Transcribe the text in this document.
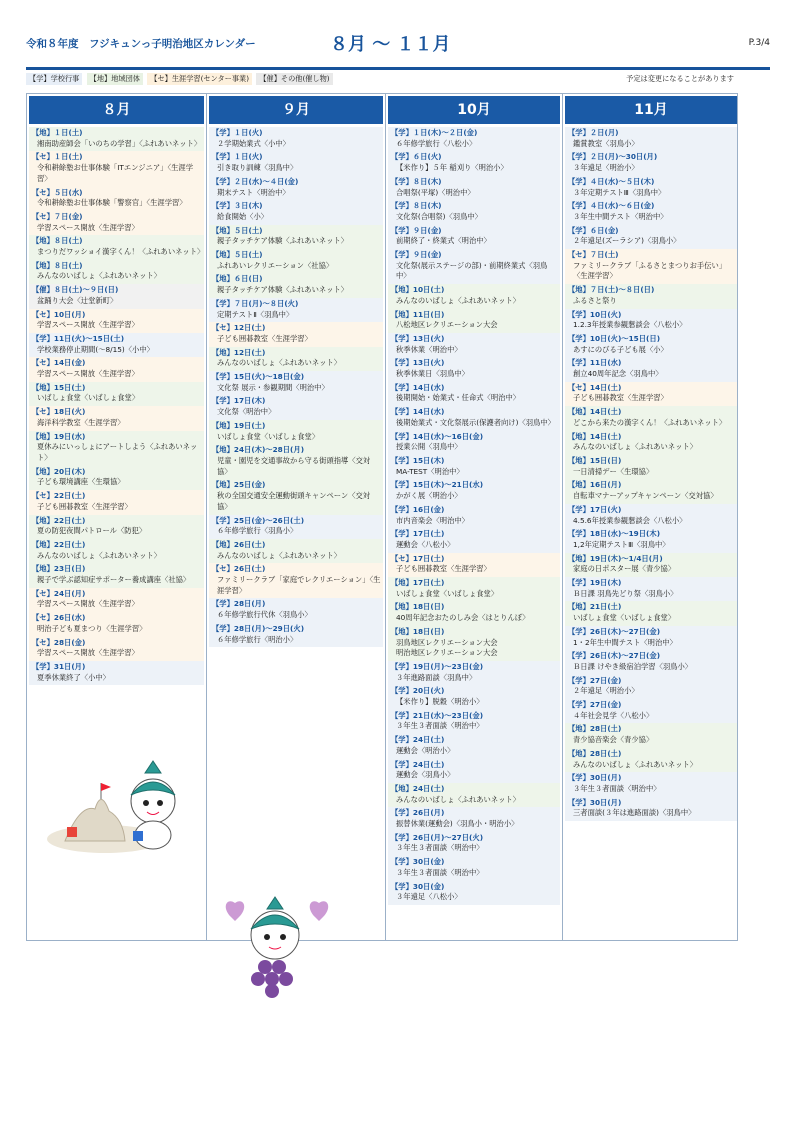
令和８年度　フジキュンっ子明治地区カレンダー	８月 〜 １１月	P.3/4
【学】学校行事 【地】地域団体 【セ】生涯学習(センター事業) 【催】その他(催し物)	予定は変更になることがあります
８月
【地】１日(土)
湘南助産師会「いのちの学習」〈ふれあいネット〉
【セ】１日(土)
令和耕餘塾お仕事体験「ITエンジニア」〈生涯学習〉
【セ】５日(水)
令和耕餘塾お仕事体験「警察官」〈生涯学習〉
【セ】７日(金)
学習スペース開放〈生涯学習〉
【地】８日(土)
まつりだワッショイ漢字くん！〈ふれあいネット〉
【地】８日(土)
みんなのいばしょ〈ふれあいネット〉
【催】８日(土)～９日(日)
盆踊り大会〈辻堂新町〉
【セ】10日(月)
学習スペース開放〈生涯学習〉
【学】11日(火)～15日(土)
学校業務停止期間(～8/15)〈小中〉
【セ】14日(金)
学習スペース開放〈生涯学習〉
【地】15日(土)
いばしょ食堂〈いばしょ食堂〉
【セ】18日(火)
海洋科学教室〈生涯学習〉
【地】19日(水)
夏休みにいっしょにアートしよう〈ふれあいネット〉
【地】20日(木)
子ども環境講座〈生環協〉
【セ】22日(土)
子ども囲碁教室〈生涯学習〉
【地】22日(土)
夏の防犯夜間パトロール〈防犯〉
【地】22日(土)
みんなのいばしょ〈ふれあいネット〉
【地】23日(日)
親子で学ぶ認知症サポーター養成講座〈社協〉
【セ】24日(月)
学習スペース開放〈生涯学習〉
【セ】26日(水)
明治子ども夏まつり〈生涯学習〉
【セ】28日(金)
学習スペース開放〈生涯学習〉
【学】31日(月)
夏季休業終了〈小中〉
９月
【学】１日(火)
２学期始業式〈小中〉
【学】１日(火)
引き取り訓練〈羽鳥中〉
【学】２日(水)～４日(金)
期末テスト〈明治中〉
【学】３日(木)
給食開始〈小〉
【地】５日(土)
親子タッチケア体験〈ふれあいネット〉
【地】５日(土)
ふれあいレクリエーション〈社協〉
【地】６日(日)
親子タッチケア体験〈ふれあいネット〉
【学】７日(月)～８日(火)
定期テストⅡ〈羽鳥中〉
【セ】12日(土)
子ども囲碁教室〈生涯学習〉
【地】12日(土)
みんなのいばしょ〈ふれあいネット〉
【学】15日(火)～18日(金)
文化祭 展示・参観期間〈明治中〉
【学】17日(木)
文化祭〈明治中〉
【地】19日(土)
いばしょ食堂〈いばしょ食堂〉
【地】24日(木)～28日(月)
児童・園児を交通事故から守る街頭指導〈交対協〉
【地】25日(金)
秋の全国交通安全運動街頭キャンペーン〈交対協〉
【学】25日(金)～26日(土)
６年修学旅行〈羽鳥小〉
【地】26日(土)
みんなのいばしょ〈ふれあいネット〉
【セ】26日(土)
ファミリークラブ「家庭でレクリエーション」〈生涯学習〉
【学】28日(月)
６年修学旅行代休〈羽鳥小〉
【学】28日(月)～29日(火)
６年修学旅行〈明治小〉
10月
【学】１日(木)～２日(金)
６年修学旅行〈八松小〉
【学】６日(火)
【米作り】５年 稲刈り〈明治小〉
【学】８日(木)
合唱祭(平塚)〈明治中〉
【学】８日(木)
文化祭(合唱祭)〈羽鳥中〉
【学】９日(金)
前期終了・終業式〈明治中〉
【学】９日(金)
文化祭(展示ステージの部)・前期終業式〈羽鳥中〉
【地】10日(土)
みんなのいばしょ〈ふれあいネット〉
【地】11日(日)
八松地区レクリエーション大会
【学】13日(火)
秋季休業〈明治中〉
【学】13日(火)
秋季休業日〈羽鳥中〉
【学】14日(水)
後期開始・始業式・任命式〈明治中〉
【学】14日(水)
後期始業式・文化祭展示(保護者向け)〈羽鳥中〉
【学】14日(水)～16日(金)
授業公開〈羽鳥中〉
【学】15日(木)
MA-TEST〈明治中〉
【学】15日(木)～21日(水)
かがく展〈明治小〉
【学】16日(金)
市内音楽会〈明治中〉
【学】17日(土)
運動会〈八松小〉
【セ】17日(土)
子ども囲碁教室〈生涯学習〉
【地】17日(土)
いばしょ食堂〈いばしょ食堂〉
【地】18日(日)
40周年記念おたのしみ会〈はとりんぼ〉
【地】18日(日)
羽鳥地区レクリエーション大会
明治地区レクリエーション大会
【学】19日(月)～23日(金)
３年進路面談〈羽鳥中〉
【学】20日(火)
【米作り】脱穀〈明治小〉
【学】21日(水)～23日(金)
３年生３者面談〈明治中〉
【学】24日(土)
運動会〈明治小〉
【学】24日(土)
運動会〈羽鳥小〉
【地】24日(土)
みんなのいばしょ〈ふれあいネット〉
【学】26日(月)
振替休業(運動会)〈羽鳥小・明治小〉
【学】26日(月)～27日(火)
３年生３者面談〈明治中〉
【学】30日(金)
３年生３者面談〈明治中〉
【学】30日(金)
３年遠足〈八松小〉
11月
【学】２日(月)
鑑賞教室〈羽鳥小〉
【学】２日(月)～30日(月)
３年遠足〈明治小〉
【学】４日(水)～５日(木)
３年定期テストⅢ〈羽鳥中〉
【学】４日(水)～６日(金)
３年生中間テスト〈明治中〉
【学】６日(金)
２年遠足(ズーラシア)〈羽鳥小〉
【セ】７日(土)
ファミリークラブ「ふるさとまつりお手伝い」〈生涯学習〉
【地】７日(土)～８日(日)
ふるさと祭り
【学】10日(火)
1.2.3年授業参観懇談会〈八松小〉
【学】10日(火)～15日(日)
あすにのびる子ども展〈小〉
【学】11日(水)
創立40周年記念〈羽鳥中〉
【セ】14日(土)
子ども囲碁教室〈生涯学習〉
【地】14日(土)
どこから来たの漢字くん！〈ふれあいネット〉
【地】14日(土)
みんなのいばしょ〈ふれあいネット〉
【地】15日(日)
一日清掃デー〈生環協〉
【地】16日(月)
自転車マナーアップキャンペーン〈交対協〉
【学】17日(火)
4.5.6年授業参観懇談会〈八松小〉
【学】18日(水)～19日(木)
1,2年定期テストⅢ〈羽鳥中〉
【地】19日(木)～1/4日(月)
家庭の日ポスター展〈青少協〉
【学】19日(木)
Ｂ日課 羽鳥先どり祭〈羽鳥小〉
【地】21日(土)
いばしょ食堂〈いばしょ食堂〉
【学】26日(木)～27日(金)
1・2年生中間テスト〈明治中〉
【学】26日(木)～27日(金)
Ｂ日課 けやき級宿泊学習〈羽鳥小〉
【学】27日(金)
２年遠足〈明治小〉
【学】27日(金)
４年社会見学〈八松小〉
【地】28日(土)
青少協音楽会〈青少協〉
【地】28日(土)
みんなのいばしょ〈ふれあいネット〉
【学】30日(月)
３年生３者面談〈明治中〉
【学】30日(月)
三者面談(３年は進路面談)〈羽鳥中〉
